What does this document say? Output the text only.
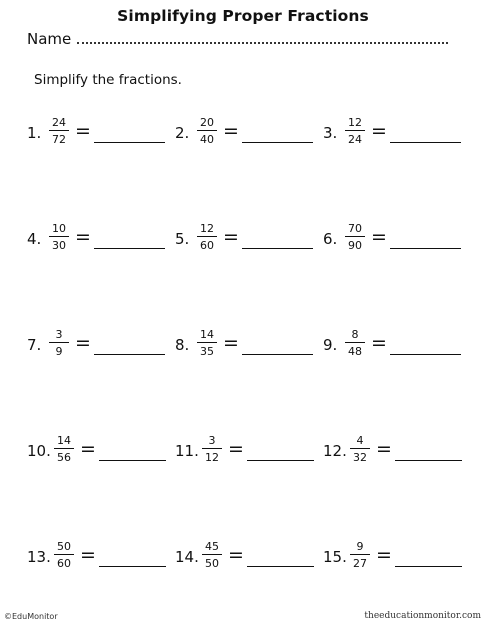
Simplifying Proper Fractions
Name
Simplify the fractions.
1.
24
72 =	2.
20
40 =	3.
12
24 =
4.
10
30 =	5.
12
60 =	6.
70
90 =
7.
3
9 =	8.
14
35 =	9.
8
48 =
10.
14
56 =	11.
3
12 =	12.
4
32 =
13.
50
60 =	14.
45
50 =	15.
9
27 =
©EduMonitor	theeducationmonitor.com
